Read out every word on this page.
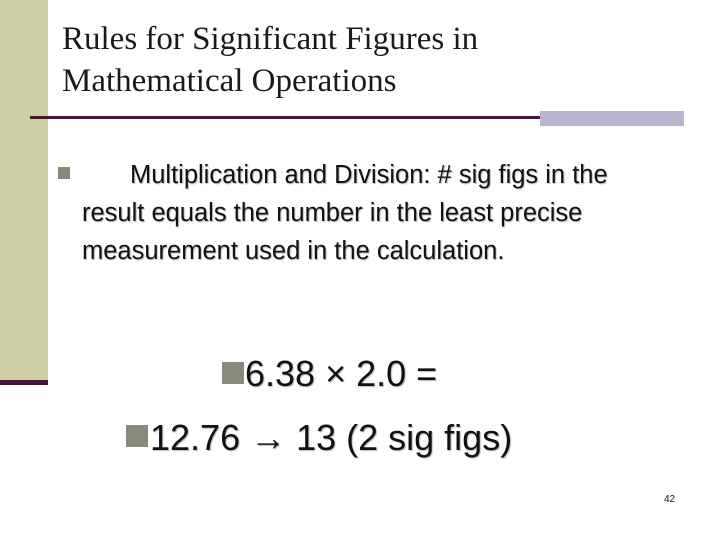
Rules for Significant Figures in
Mathematical Operations
Multiplication and Division: # sig figs in the result equals the number in the least precise measurement used in the calculation.
6.38 × 2.0 =
12.76 → 13 (2 sig figs)
42
